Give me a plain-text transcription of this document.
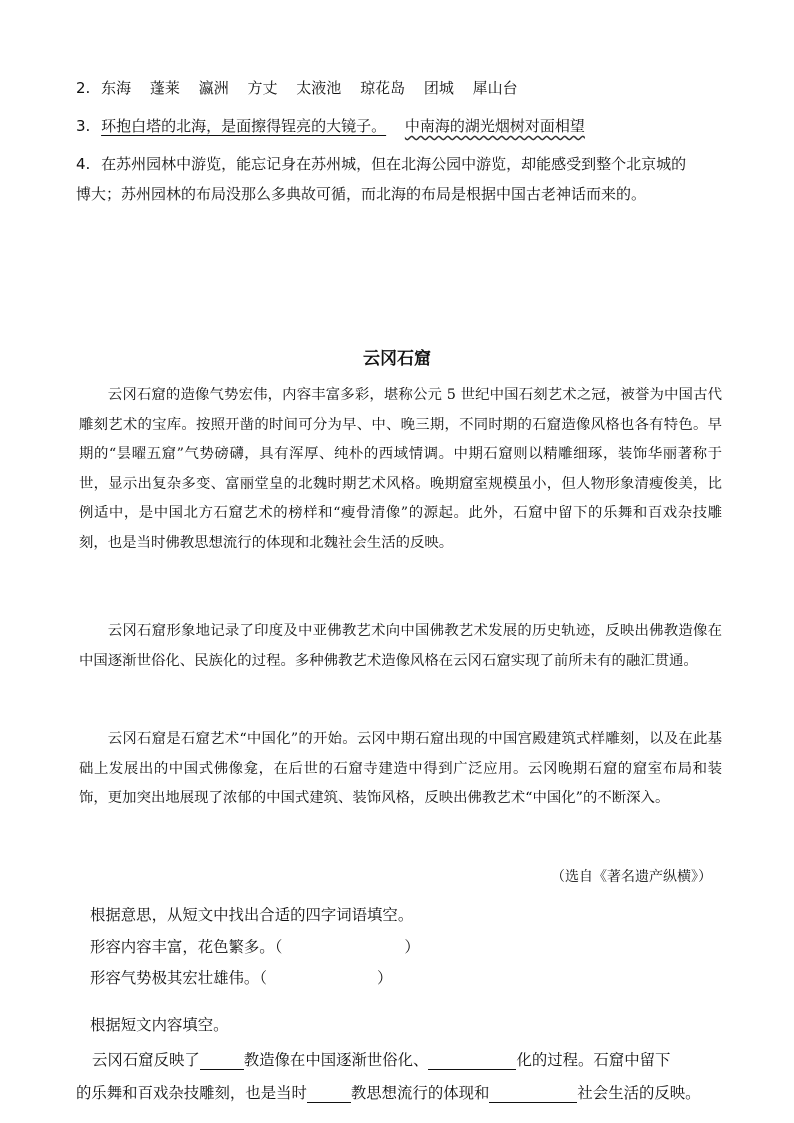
2. 东海 蓬莱 瀛洲 方丈 太液池 琼花岛 团城 犀山台
3. 环抱白塔的北海，是面擦得锃亮的大镜子。 中南海的湖光烟树对面相望
4. 在苏州园林中游览，能忘记身在苏州城，但在北海公园中游览，却能感受到整个北京城的
博大；苏州园林的布局没那么多典故可循，而北海的布局是根据中国古老神话而来的。
云冈石窟
云冈石窟的造像气势宏伟，内容丰富多彩，堪称公元 5 世纪中国石刻艺术之冠，被誉为中国古代雕刻艺术的宝库。按照开凿的时间可分为早、中、晚三期，不同时期的石窟造像风格也各有特色。早期的“昙曜五窟”气势磅礴，具有浑厚、纯朴的西域情调。中期石窟则以精雕细琢，装饰华丽著称于世，显示出复杂多变、富丽堂皇的北魏时期艺术风格。晚期窟室规模虽小，但人物形象清瘦俊美，比例适中，是中国北方石窟艺术的榜样和“瘦骨清像”的源起。此外，石窟中留下的乐舞和百戏杂技雕刻，也是当时佛教思想流行的体现和北魏社会生活的反映。
云冈石窟形象地记录了印度及中亚佛教艺术向中国佛教艺术发展的历史轨迹，反映出佛教造像在中国逐渐世俗化、民族化的过程。多种佛教艺术造像风格在云冈石窟实现了前所未有的融汇贯通。
云冈石窟是石窟艺术“中国化”的开始。云冈中期石窟出现的中国宫殿建筑式样雕刻，以及在此基础上发展出的中国式佛像龛，在后世的石窟寺建造中得到广泛应用。云冈晚期石窟的窟室布局和装饰，更加突出地展现了浓郁的中国式建筑、装饰风格，反映出佛教艺术“中国化”的不断深入。
（选自《著名遗产纵横》）
根据意思，从短文中找出合适的四字词语填空。
形容内容丰富，花色繁多。（	）
形容气势极其宏壮雄伟。（	）
根据短文内容填空。
云冈石窟反映了	教造像在中国逐渐世俗化、	化的过程。石窟中留下
的乐舞和百戏杂技雕刻，也是当时	教思想流行的体现和	社会生活的反映。
